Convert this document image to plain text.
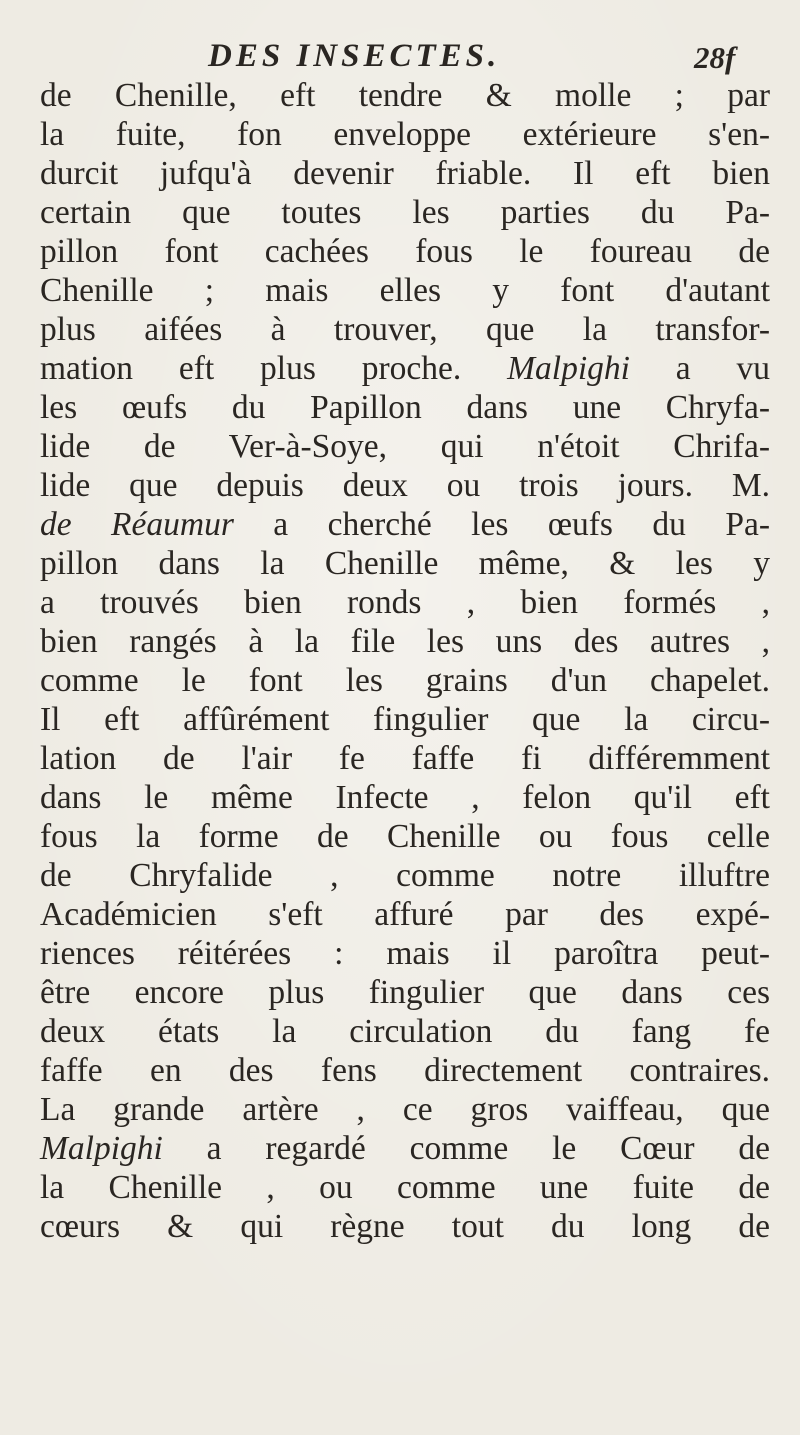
DES INSECTES.	28f
de Chenille, eft tendre & molle ; par
la fuite, fon enveloppe extérieure s'en-
durcit jufqu'à devenir friable. Il eft bien
certain que toutes les parties du Pa-
pillon font cachées fous le foureau de
Chenille ; mais elles y font d'autant
plus aifées à trouver, que la transfor-
mation eft plus proche. Malpighi a vu
les œufs du Papillon dans une Chryfa-
lide de Ver-à-Soye, qui n'étoit Chrifa-
lide que depuis deux ou trois jours. M.
de Réaumur a cherché les œufs du Pa-
pillon dans la Chenille même, & les y
a trouvés bien ronds , bien formés ,
bien rangés à la file les uns des autres ,
comme le font les grains d'un chapelet.
Il eft affûrément fingulier que la circu-
lation de l'air fe faffe fi différemment
dans le même Infecte , felon qu'il eft
fous la forme de Chenille ou fous celle
de Chryfalide , comme notre illuftre
Académicien s'eft affuré par des expé-
riences réitérées : mais il paroîtra peut-
être encore plus fingulier que dans ces
deux états la circulation du fang fe
faffe en des fens directement contraires.
La grande artère , ce gros vaiffeau, que
Malpighi a regardé comme le Cœur de
la Chenille , ou comme une fuite de
cœurs & qui règne tout du long de
